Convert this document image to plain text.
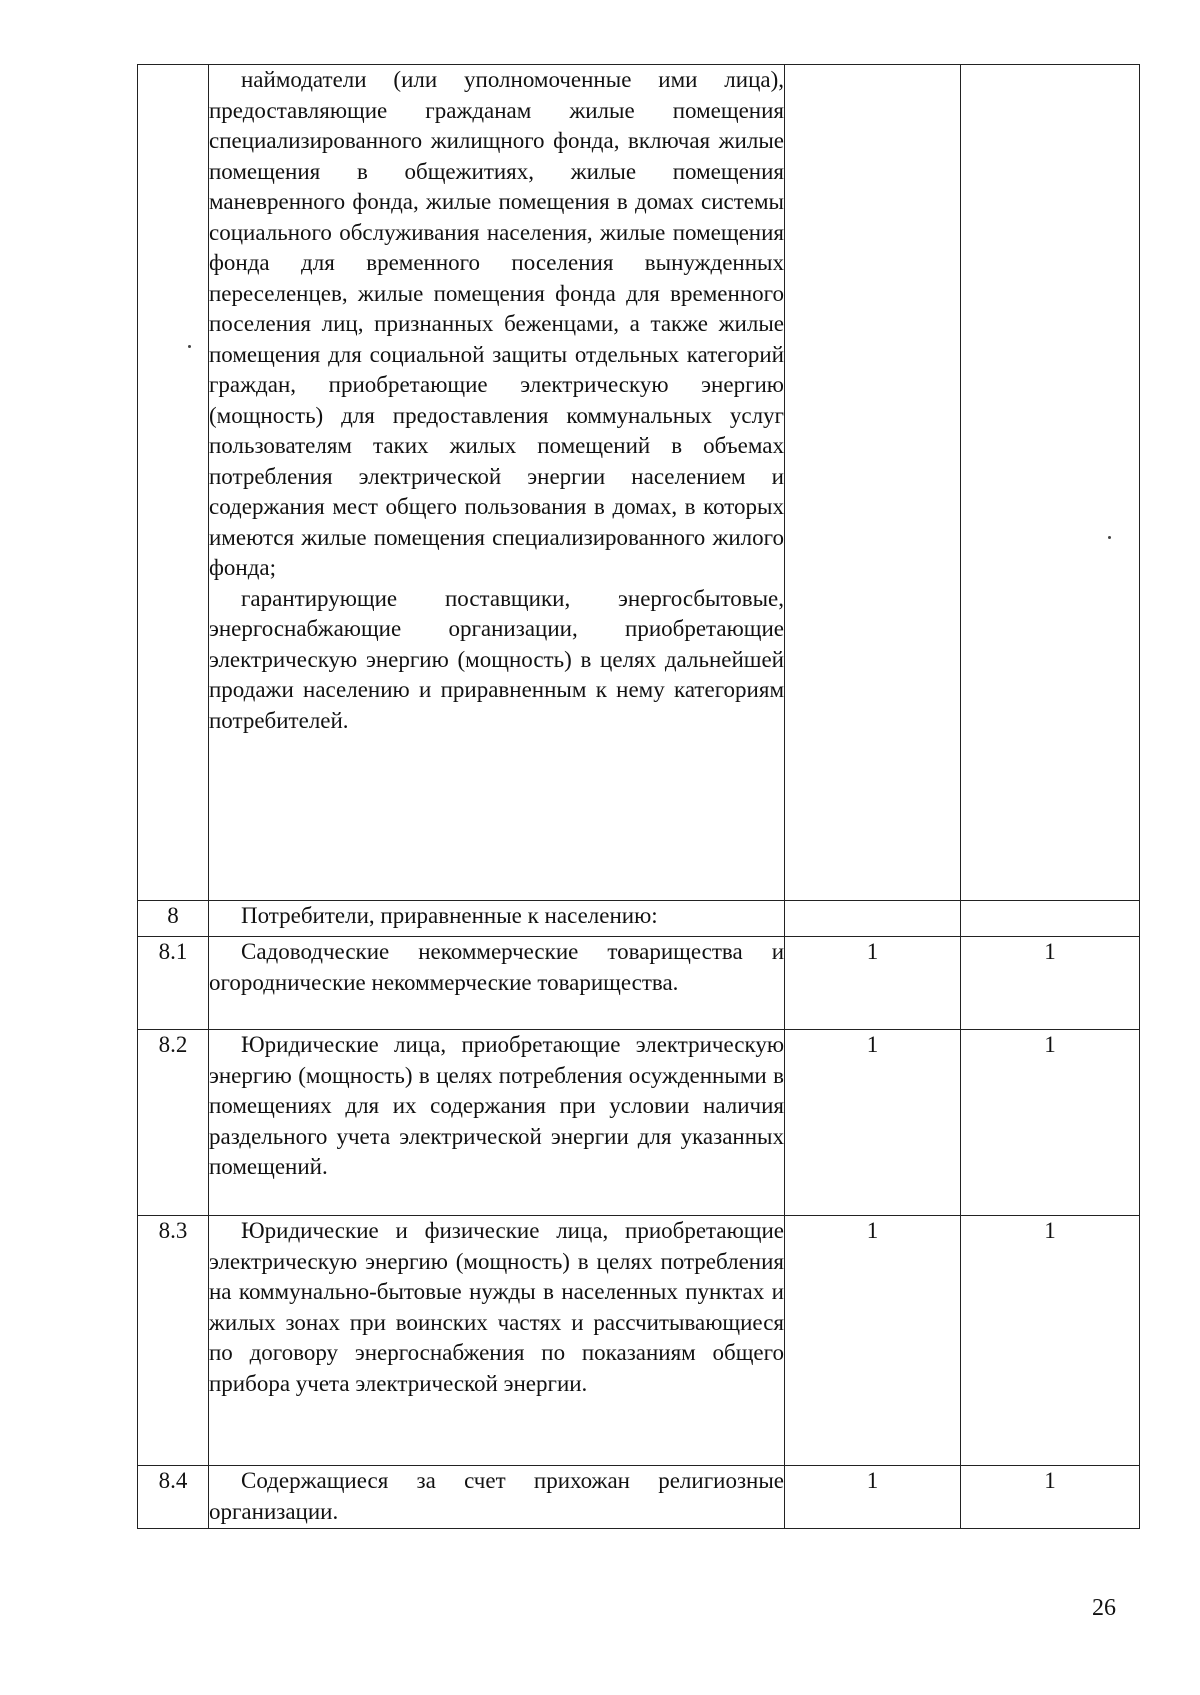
	наймодатели (или уполномоченные ими лица), предоставляющие гражданам жилые помещения специализированного жилищного фонда, включая жилые помещения в общежитиях, жилые помещения маневренного фонда, жилые помещения в домах системы социального обслуживания населения, жилые помещения фонда для временного поселения вынужденных переселенцев, жилые помещения фонда для временного поселения лиц, признанных беженцами, а также жилые помещения для социальной защиты отдельных категорий граждан, приобретающие электрическую энергию (мощность) для предоставления коммунальных услуг пользователям таких жилых помещений в объемах потребления электрической энергии населением и содержания мест общего пользования в домах, в которых имеются жилые помещения специализированного жилого фонда;
гарантирующие поставщики, энергосбытовые, энергоснабжающие организации, приобретающие электрическую энергию (мощность) в целях дальнейшей продажи населению и приравненным к нему категориям потребителей.		

8	Потребители, приравненные к населению:		

8.1	Садоводческие некоммерческие товарищества и огороднические некоммерческие товарищества.	1	1
8.2	Юридические лица, приобретающие электрическую энергию (мощность) в целях потребления осужденными в помещениях для их содержания при условии наличия раздельного учета электрической энергии для указанных помещений.	1	1
8.3	Юридические и физические лица, приобретающие электрическую энергию (мощность) в целях потребления на коммунально-бытовые нужды в населенных пунктах и жилых зонах при воинских частях и рассчитывающиеся по договору энергоснабжения по показаниям общего прибора учета электрической энергии.	1	1
8.4	Содержащиеся за счет прихожан религиозные организации.	1	1
26
